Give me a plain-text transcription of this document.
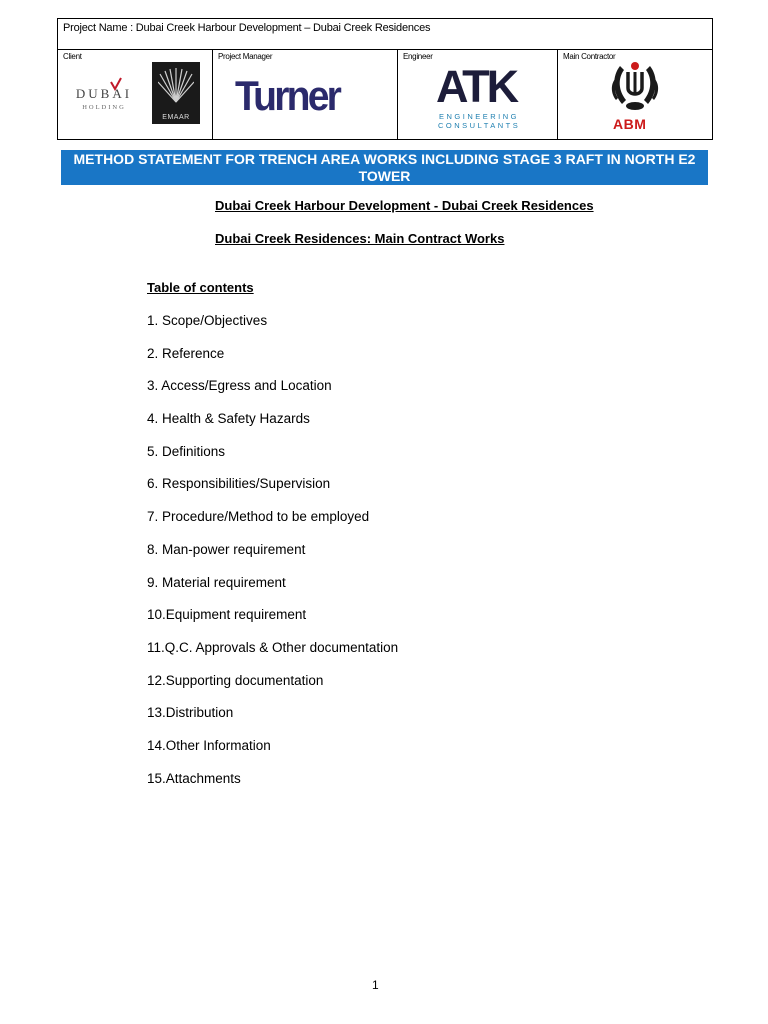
Project Name : Dubai Creek Harbour Development – Dubai Creek Residences
Client
DUBAI
HOLDING
EMAAR
Project Manager
Turner
Engineer
ATK
ENGINEERING
CONSULTANTS
Main Contractor
ABM
METHOD STATEMENT FOR TRENCH AREA WORKS INCLUDING STAGE 3 RAFT IN NORTH E2 TOWER
Dubai Creek Harbour Development - Dubai Creek Residences
Dubai Creek Residences: Main Contract Works
Table of contents
1. Scope/Objectives
2. Reference
3. Access/Egress and Location
4. Health & Safety Hazards
5. Definitions
6. Responsibilities/Supervision
7. Procedure/Method to be employed
8. Man-power requirement
9. Material requirement
10.Equipment requirement
11.Q.C. Approvals & Other documentation
12.Supporting documentation
13.Distribution
14.Other Information
15.Attachments
1
